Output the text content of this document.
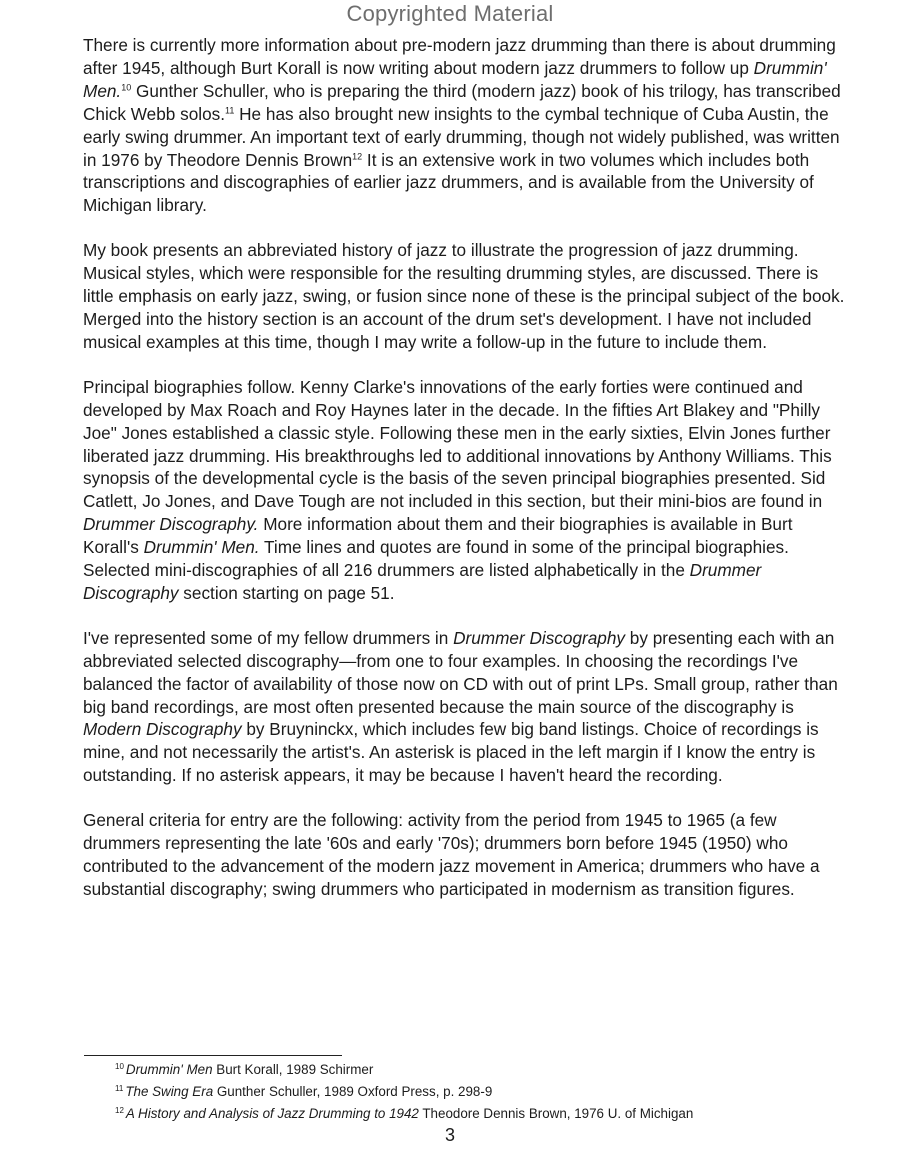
Copyrighted Material

There is currently more information about pre-modern jazz drumming than there is about drumming after 1945, although Burt Korall is now writing about modern jazz drummers to follow up Drummin' Men.$^{10}$ Gunther Schuller, who is preparing the third (modern jazz) book of his trilogy, has transcribed Chick Webb solos.$^{11}$ He has also brought new insights to the cymbal technique of Cuba Austin, the early swing drummer. An important text of early drumming, though not widely published, was written in 1976 by Theodore Dennis Brown$^{12}$ It is an extensive work in two volumes which includes both transcriptions and discographies of earlier jazz drummers, and is available from the University of Michigan library.

My book presents an abbreviated history of jazz to illustrate the progression of jazz drumming. Musical styles, which were responsible for the resulting drumming styles, are discussed. There is little emphasis on early jazz, swing, or fusion since none of these is the principal subject of the book. Merged into the history section is an account of the drum set's development. I have not included musical examples at this time, though I may write a follow-up in the future to include them.

Principal biographies follow. Kenny Clarke's innovations of the early forties were continued and developed by Max Roach and Roy Haynes later in the decade. In the fifties Art Blakey and "Philly Joe" Jones established a classic style. Following these men in the early sixties, Elvin Jones further liberated jazz drumming. His breakthroughs led to additional innovations by Anthony Williams. This synopsis of the developmental cycle is the basis of the seven principal biographies presented. Sid Catlett, Jo Jones, and Dave Tough are not included in this section, but their mini-bios are found in Drummer Discography. More information about them and their biographies is available in Burt Korall's Drummin' Men. Time lines and quotes are found in some of the principal biographies. Selected mini-discographies of all 216 drummers are listed alphabetically in the Drummer Discography section starting on page 51.

I've represented some of my fellow drummers in Drummer Discography by presenting each with an abbreviated selected discography—from one to four examples. In choosing the recordings I've balanced the factor of availability of those now on CD with out of print LPs. Small group, rather than big band recordings, are most often presented because the main source of the discography is Modern Discography by Bruyninckx, which includes few big band listings. Choice of recordings is mine, and not necessarily the artist's. An asterisk is placed in the left margin if I know the entry is outstanding. If no asterisk appears, it may be because I haven't heard the recording.

General criteria for entry are the following: activity from the period from 1945 to 1965 (a few drummers representing the late '60s and early '70s); drummers born before 1945 (1950) who contributed to the advancement of the modern jazz movement in America; drummers who have a substantial discography; swing drummers who participated in modernism as transition figures.

$^{10}$ Drummin' Men Burt Korall, 1989 Schirmer
$^{11}$ The Swing Era Gunther Schuller, 1989 Oxford Press, p. 298-9
$^{12}$ A History and Analysis of Jazz Drumming to 1942 Theodore Dennis Brown, 1976 U. of Michigan
3
